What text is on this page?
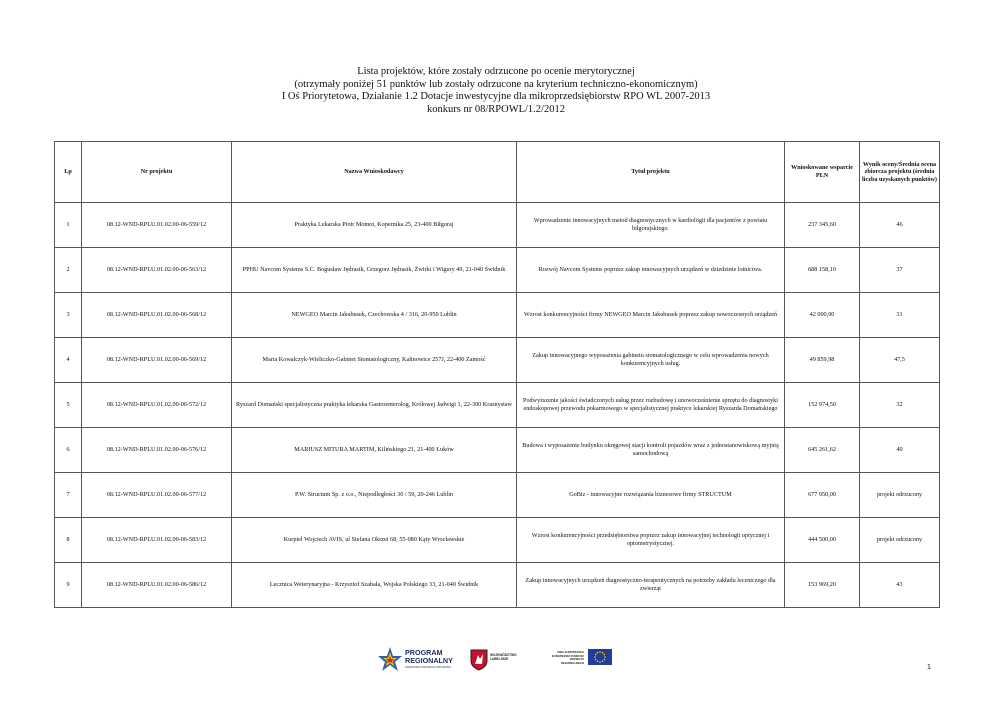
Lista projektów, które zostały odrzucone po ocenie merytorycznej
(otrzymały poniżej 51 punktów lub zostały odrzucone na kryterium techniczno-ekonomicznym)
I Oś Priorytetowa, Działanie 1.2 Dotacje inwestycyjne dla mikroprzedsiębiorstw RPO WL 2007-2013
konkurs nr 08/RPOWL/1.2/2012
Lp	Nr projektu	Nazwa Wnioskodawcy	Tytuł projektu	Wnioskowane wsparcie PLN	Wynik oceny/Średnia ocena zbiorcza projektu (średnia liczba uzyskanych punktów)
1	08.12-WND-RPLU.01.02.00-06-559/12	Praktyka Lekarska Piotr Momot, Kopernika 25, 23-400 Biłgoraj	Wprowadzenie innowacyjnych metod diagnostycznych w kardiologii dla pacjentów z powiatu biłgorajskiego.	237 345,60	46
2	08.12-WND-RPLU.01.02.00-06-563/12	PPHU Navcom Systems S.C. Bogusław Jędrasik, Grzegorz Jędrasik, Żwirki i Wigury 49, 21-040 Świdnik	Rozwój Navcom Systems poprzez zakup innowacyjnych urządzeń w dziedzinie lotnictwa.	688 158,10	37
3	08.12-WND-RPLU.01.02.00-06-568/12	NEWGEO Marcin Jakubusek, Czechowska 4 / 316, 20-950 Lublin	Wzrost konkurencyjności firmy NEWGEO Marcin Jakubusek poprzez zakup nowoczesnych urządzeń	42 000,00	31
4	08.12-WND-RPLU.01.02.00-06-569/12	Maria Kowalczyk-Wieliczko-Gabinet Stomatologiczny, Kalinowice 257J, 22-400 Zamość	Zakup innowacyjnego wyposażenia gabinetu stomatologicznego w celu wprowadzenia nowych konkurencyjnych usług.	49 859,98	47,5
5	08.12-WND-RPLU.01.02.00-06-572/12	Ryszard Domański specjalistyczna praktyka lekarska Gastroenterolog, Królowej Jadwigi 1, 22-300 Krasnystaw	Podwyższenie jakości świadczonych usług przez rozbudowę i unowocześnienie sprzętu do diagnostyki endoskopowej przewodu pokarmowego w specjalistycznej praktyce lekarskiej Ryszarda Domańskiego	152 974,50	32
6	08.12-WND-RPLU.01.02.00-06-576/12	MARIUSZ MITURA MARTIM, Kilińskiego 21, 21-400 Łuków	Budowa i wyposażenie budynku okręgowej stacji kontroli pojazdów wraz z jednostanowiskową myjnią samochodową	645 261,62	40
7	08.12-WND-RPLU.01.02.00-06-577/12	P.W. Structum Sp. z o.o., Niepodległości 30 / 59, 20-246 Lublin	GoBiz - innowacyjne rozwiązania biznesowe firmy STRUCTUM	677 950,00	projekt odrzucony
8	08.12-WND-RPLU.01.02.00-06-583/12	Kurpiel Wojciech AVIS, ul Stefana Okrzei 68, 55-080 Kąty Wrocławskie	Wzrost konkurencyjności przedsiębiorstwa poprzez zakup innowacyjnej technologii optycznej i optometrystycznej.	444 500,00	projekt odrzucony
9	08.12-WND-RPLU.01.02.00-06-586/12	Lecznica Weterynaryjna - Krzysztof Szabała, Wojska Polskiego 33, 21-040 Świdnik	Zakup innowacyjnych urządzeń diagnostyczno-terapeutycznych na potrzeby zakładu leczniczego dla zwierząt	153 969,20	43
PROGRAM
REGIONALNY
NARODOWA STRATEGIA SPÓJNOŚCI
WOJEWÓDZTWO LUBELSKIE
UNIA EUROPEJSKA EUROPEJSKI FUNDUSZ ROZWOJU REGIONALNEGO
1
